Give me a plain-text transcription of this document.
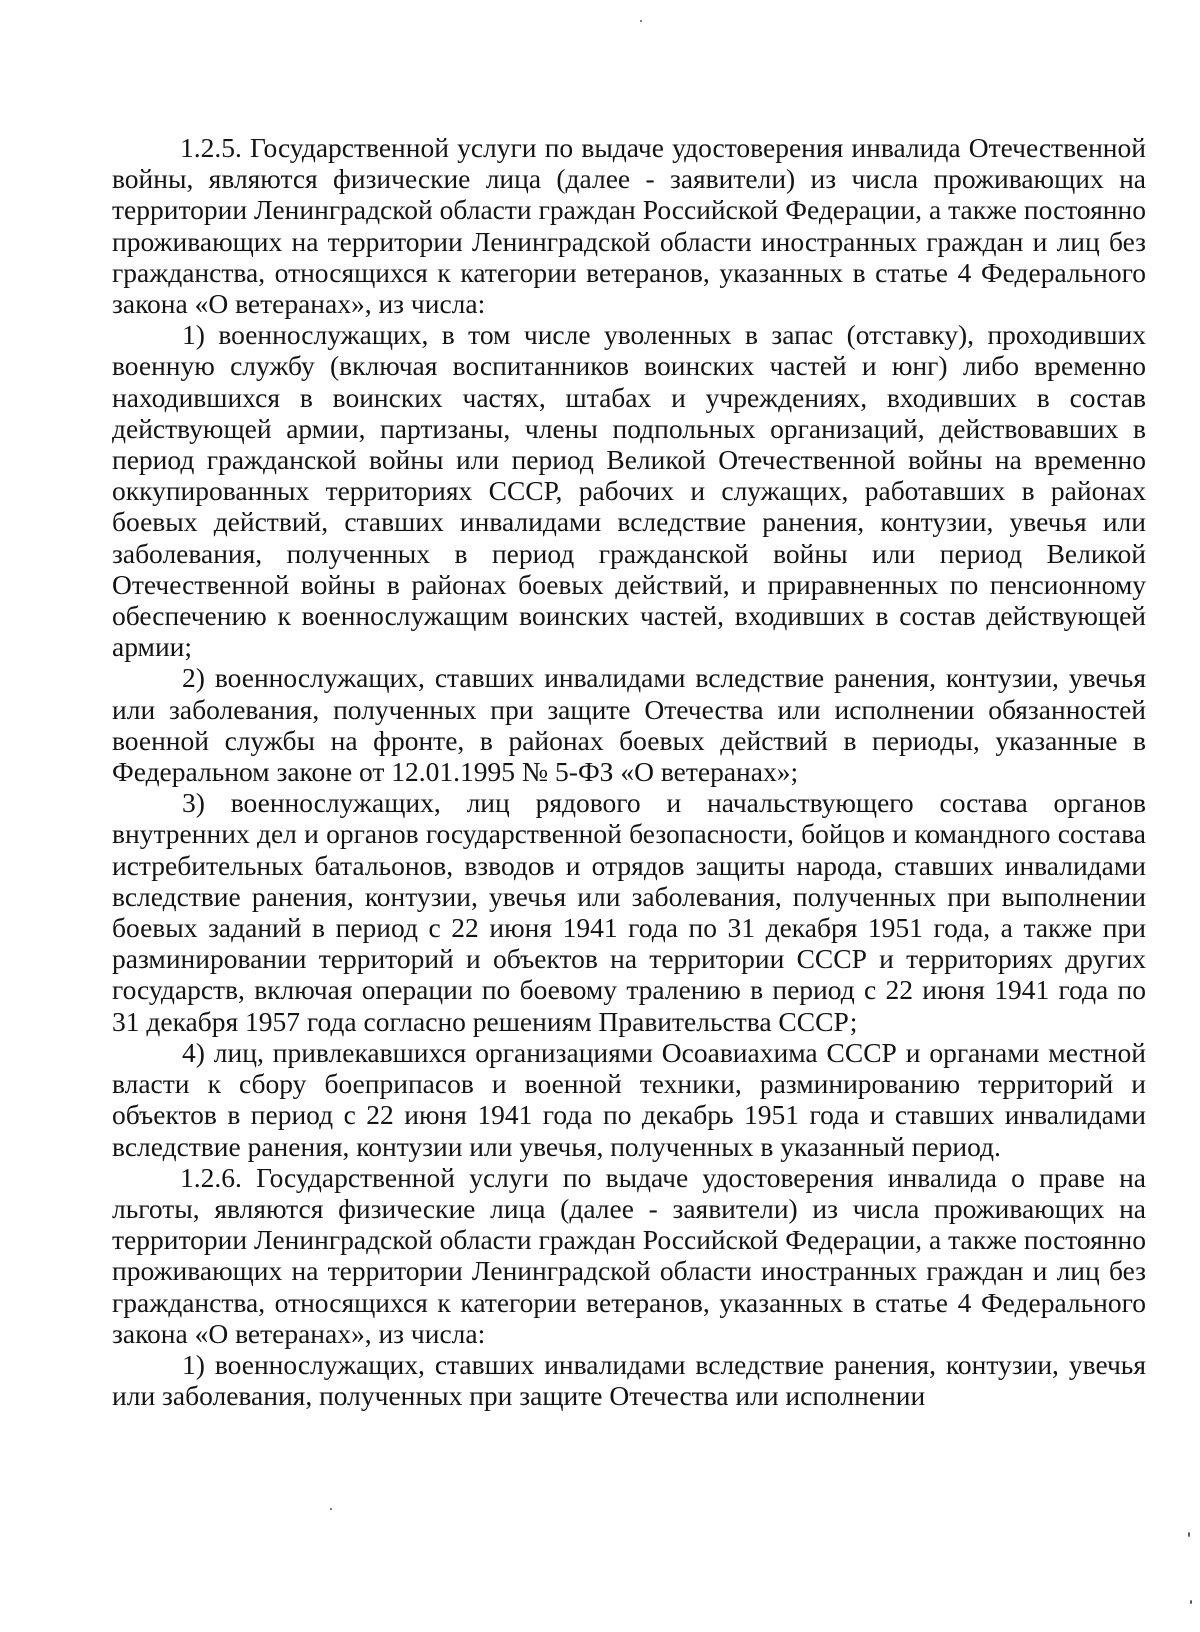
1.2.5. Государственной услуги по выдаче удостоверения инвалида Отечественной войны, являются физические лица (далее - заявители) из числа проживающих на территории Ленинградской области граждан Российской Федерации, а также постоянно проживающих на территории Ленинградской области иностранных граждан и лиц без гражданства, относящихся к категории ветеранов, указанных в статье 4 Федерального закона «О ветеранах», из числа:

1) военнослужащих, в том числе уволенных в запас (отставку), проходивших военную службу (включая воспитанников воинских частей и юнг) либо временно находившихся в воинских частях, штабах и учреждениях, входивших в состав действующей армии, партизаны, члены подпольных организаций, действовавших в период гражданской войны или период Великой Отечественной войны на временно оккупированных территориях СССР, рабочих и служащих, работавших в районах боевых действий, ставших инвалидами вследствие ранения, контузии, увечья или заболевания, полученных в период гражданской войны или период Великой Отечественной войны в районах боевых действий, и приравненных по пенсионному обеспечению к военнослужащим воинских частей, входивших в состав действующей армии;

2) военнослужащих, ставших инвалидами вследствие ранения, контузии, увечья или заболевания, полученных при защите Отечества или исполнении обязанностей военной службы на фронте, в районах боевых действий в периоды, указанные в Федеральном законе от 12.01.1995 № 5-ФЗ «О ветеранах»;

3) военнослужащих, лиц рядового и начальствующего состава органов внутренних дел и органов государственной безопасности, бойцов и командного состава истребительных батальонов, взводов и отрядов защиты народа, ставших инвалидами вследствие ранения, контузии, увечья или заболевания, полученных при выполнении боевых заданий в период с 22 июня 1941 года по 31 декабря 1951 года, а также при разминировании территорий и объектов на территории СССР и территориях других государств, включая операции по боевому тралению в период с 22 июня 1941 года по 31 декабря 1957 года согласно решениям Правительства СССР;

4) лиц, привлекавшихся организациями Осоавиахима СССР и органами местной власти к сбору боеприпасов и военной техники, разминированию территорий и объектов в период с 22 июня 1941 года по декабрь 1951 года и ставших инвалидами вследствие ранения, контузии или увечья, полученных в указанный период.

1.2.6. Государственной услуги по выдаче удостоверения инвалида о праве на льготы, являются физические лица (далее - заявители) из числа проживающих на территории Ленинградской области граждан Российской Федерации, а также постоянно проживающих на территории Ленинградской области иностранных граждан и лиц без гражданства, относящихся к категории ветеранов, указанных в статье 4 Федерального закона «О ветеранах», из числа:

1) военнослужащих, ставших инвалидами вследствие ранения, контузии, увечья или заболевания, полученных при защите Отечества или исполнении
